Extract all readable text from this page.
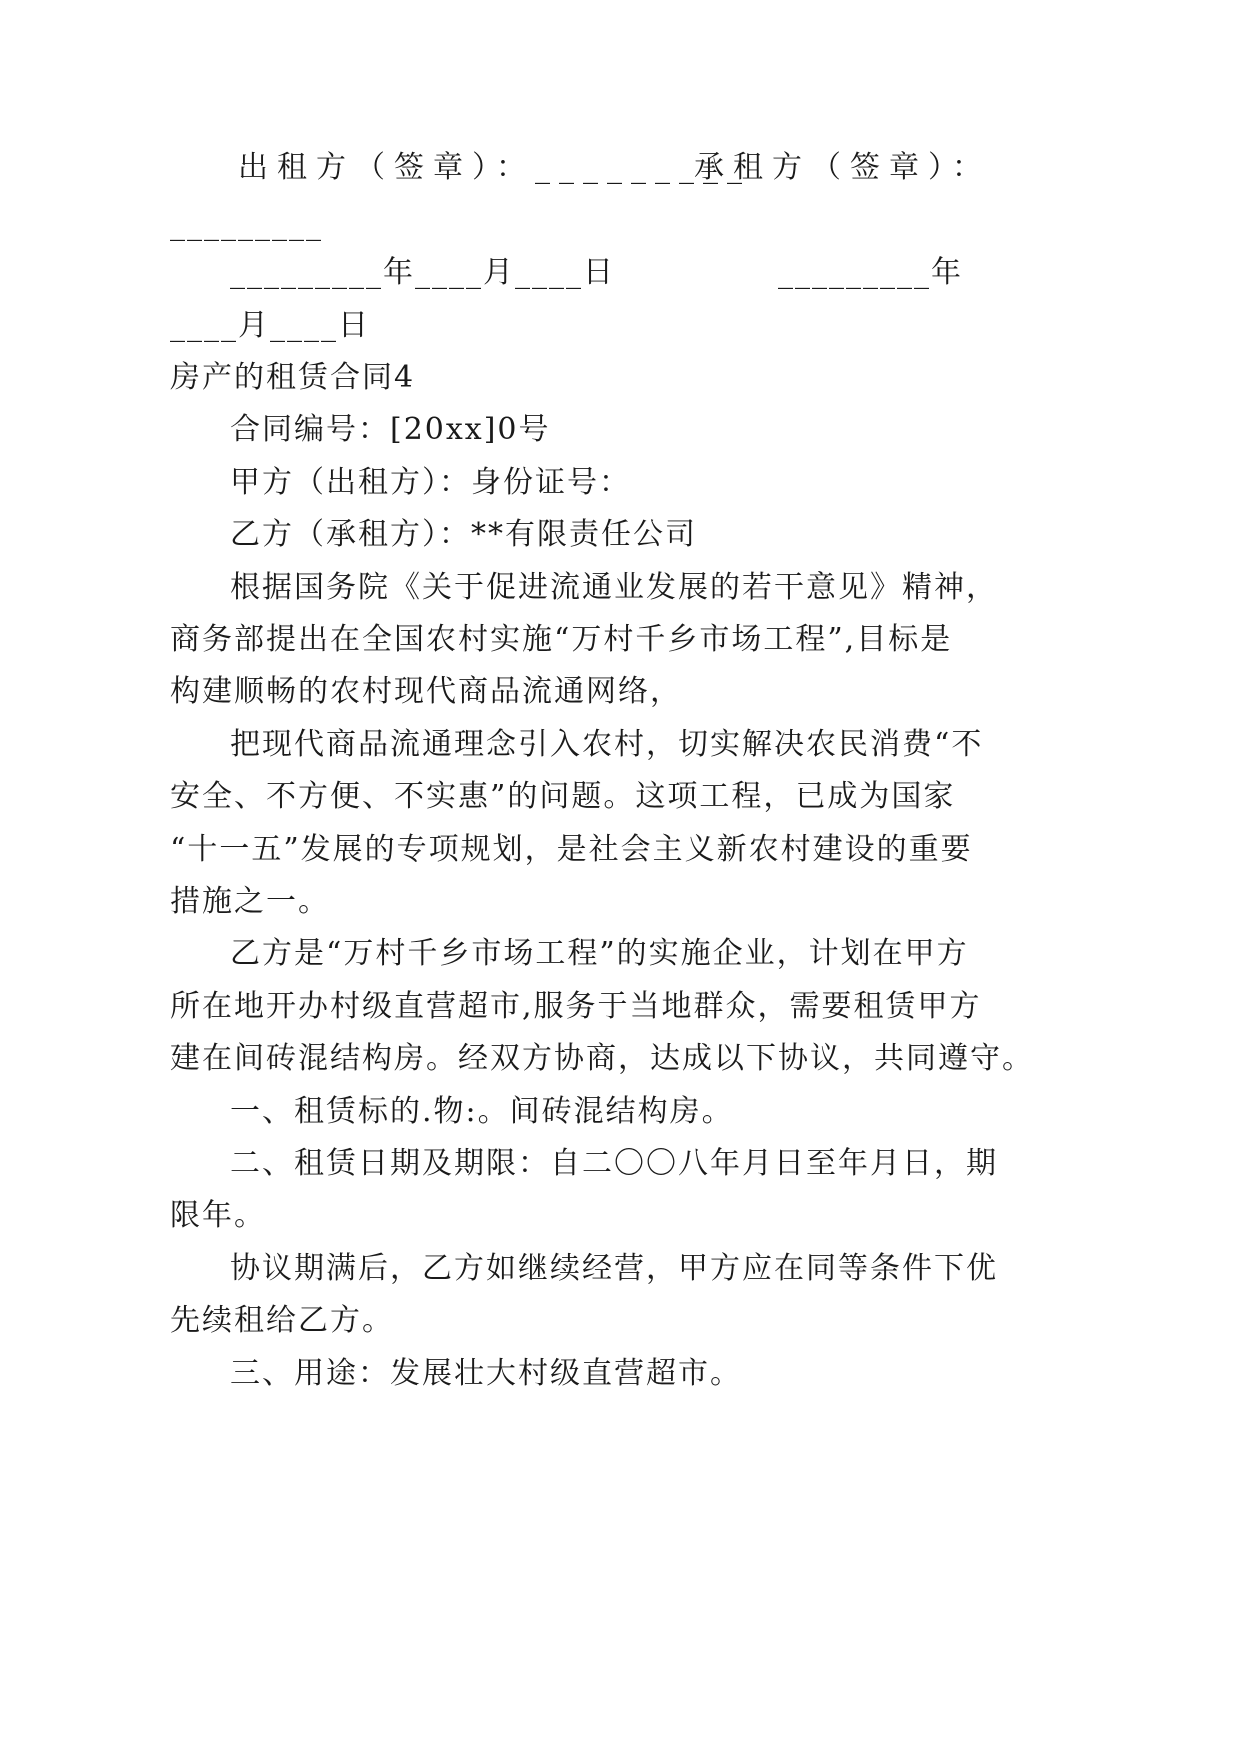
出租方（签章）：_________
承租方（签章）：
_________
_________年____月____日	_________年
____月____日
房产的租赁合同4
合同编号：[20xx]0号
甲方（出租方）：身份证号：
乙方（承租方）：**有限责任公司
根据国务院《关于促进流通业发展的若干意见》精神，
商务部提出在全国农村实施“万村千乡市场工程”,目标是
构建顺畅的农村现代商品流通网络，
把现代商品流通理念引入农村，切实解决农民消费“不
安全、不方便、不实惠”的问题。这项工程，已成为国家
“十一五”发展的专项规划，是社会主义新农村建设的重要
措施之一。
乙方是“万村千乡市场工程”的实施企业，计划在甲方
所在地开办村级直营超市,服务于当地群众，需要租赁甲方
建在间砖混结构房。经双方协商，达成以下协议，共同遵守。
一、租赁标的.物:。间砖混结构房。
二、租赁日期及期限：自二〇〇八年月日至年月日，期
限年。
协议期满后，乙方如继续经营，甲方应在同等条件下优
先续租给乙方。
三、用途：发展壮大村级直营超市。
